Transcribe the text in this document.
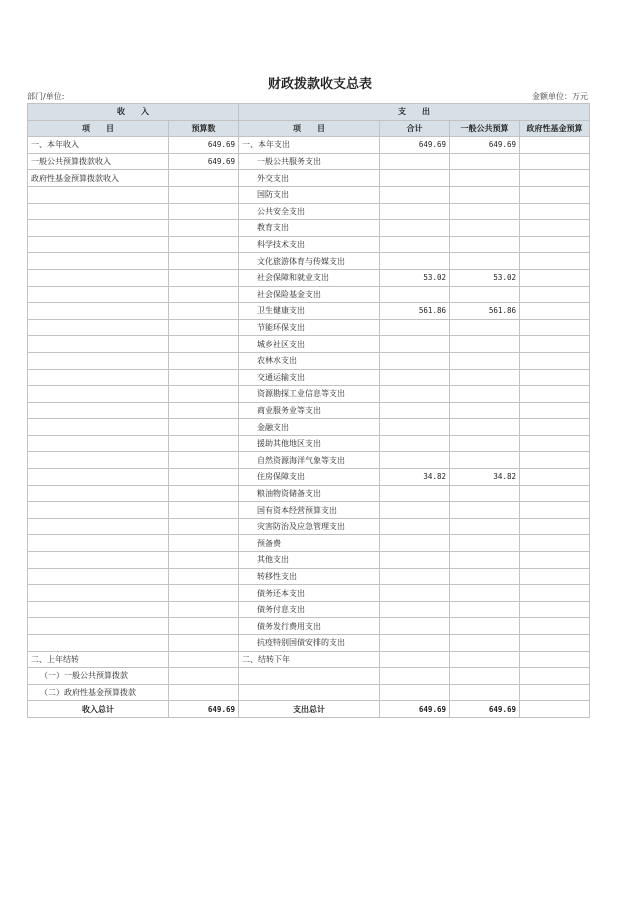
财政拨款收支总表
部门/单位:	金额单位：万元
收　　入		支　　出			
项　　目	预算数	项　　目	合计	一般公共预算	政府性基金预算
一、本年收入	649.69	一、本年支出	649.69	649.69	
一般公共预算拨款收入	649.69	一般公共服务支出			
政府性基金预算拨款收入		外交支出			
		国防支出			
		公共安全支出			
		教育支出			
		科学技术支出			
		文化旅游体育与传媒支出			
		社会保障和就业支出	53.02	53.02	
		社会保险基金支出			
		卫生健康支出	561.86	561.86	
		节能环保支出			
		城乡社区支出			
		农林水支出			
		交通运输支出			
		资源勘探工业信息等支出			
		商业服务业等支出			
		金融支出			
		援助其他地区支出			
		自然资源海洋气象等支出			
		住房保障支出	34.82	34.82	
		粮油物资储备支出			
		国有资本经营预算支出			
		灾害防治及应急管理支出			
		预备费			
		其他支出			
		转移性支出			
		债务还本支出			
		债务付息支出			
		债务发行费用支出			
		抗疫特别国债安排的支出			
二、上年结转		二、结转下年			
（一）一般公共预算拨款					
（二）政府性基金预算拨款					
收入总计	649.69	支出总计	649.69	649.69	
